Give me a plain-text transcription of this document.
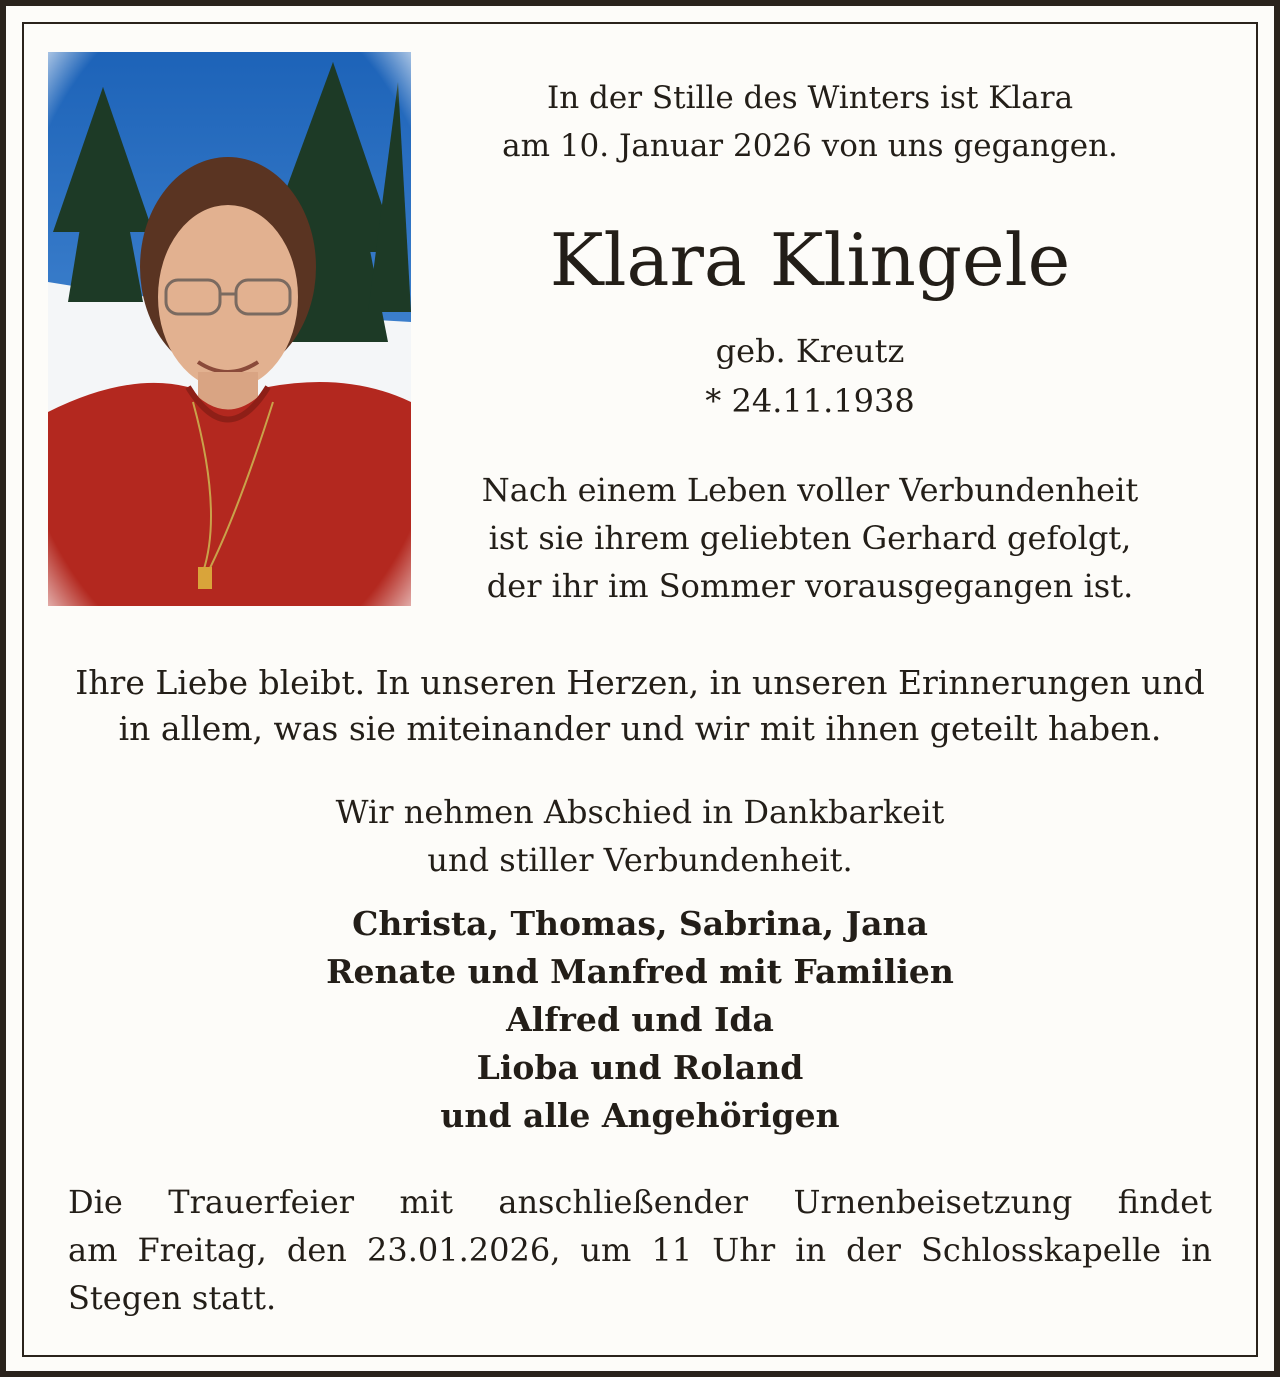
In der Stille des Winters ist Klara
am 10. Januar 2026 von uns gegangen.
Klara Klingele
geb. Kreutz
* 24.11.1938
Nach einem Leben voller Verbundenheit
ist sie ihrem geliebten Gerhard gefolgt,
der ihr im Sommer vorausgegangen ist.
Ihre Liebe bleibt. In unseren Herzen, in unseren Erinnerungen und
in allem, was sie miteinander und wir mit ihnen geteilt haben.
Wir nehmen Abschied in Dankbarkeit
und stiller Verbundenheit.
Christa, Thomas, Sabrina, Jana
Renate und Manfred mit Familien
Alfred und Ida
Lioba und Roland
und alle Angehörigen
Die Trauerfeier mit anschließender Urnenbeisetzung findet
am Freitag, den 23.01.2026, um 11 Uhr in der Schlosskapelle in
Stegen statt.
